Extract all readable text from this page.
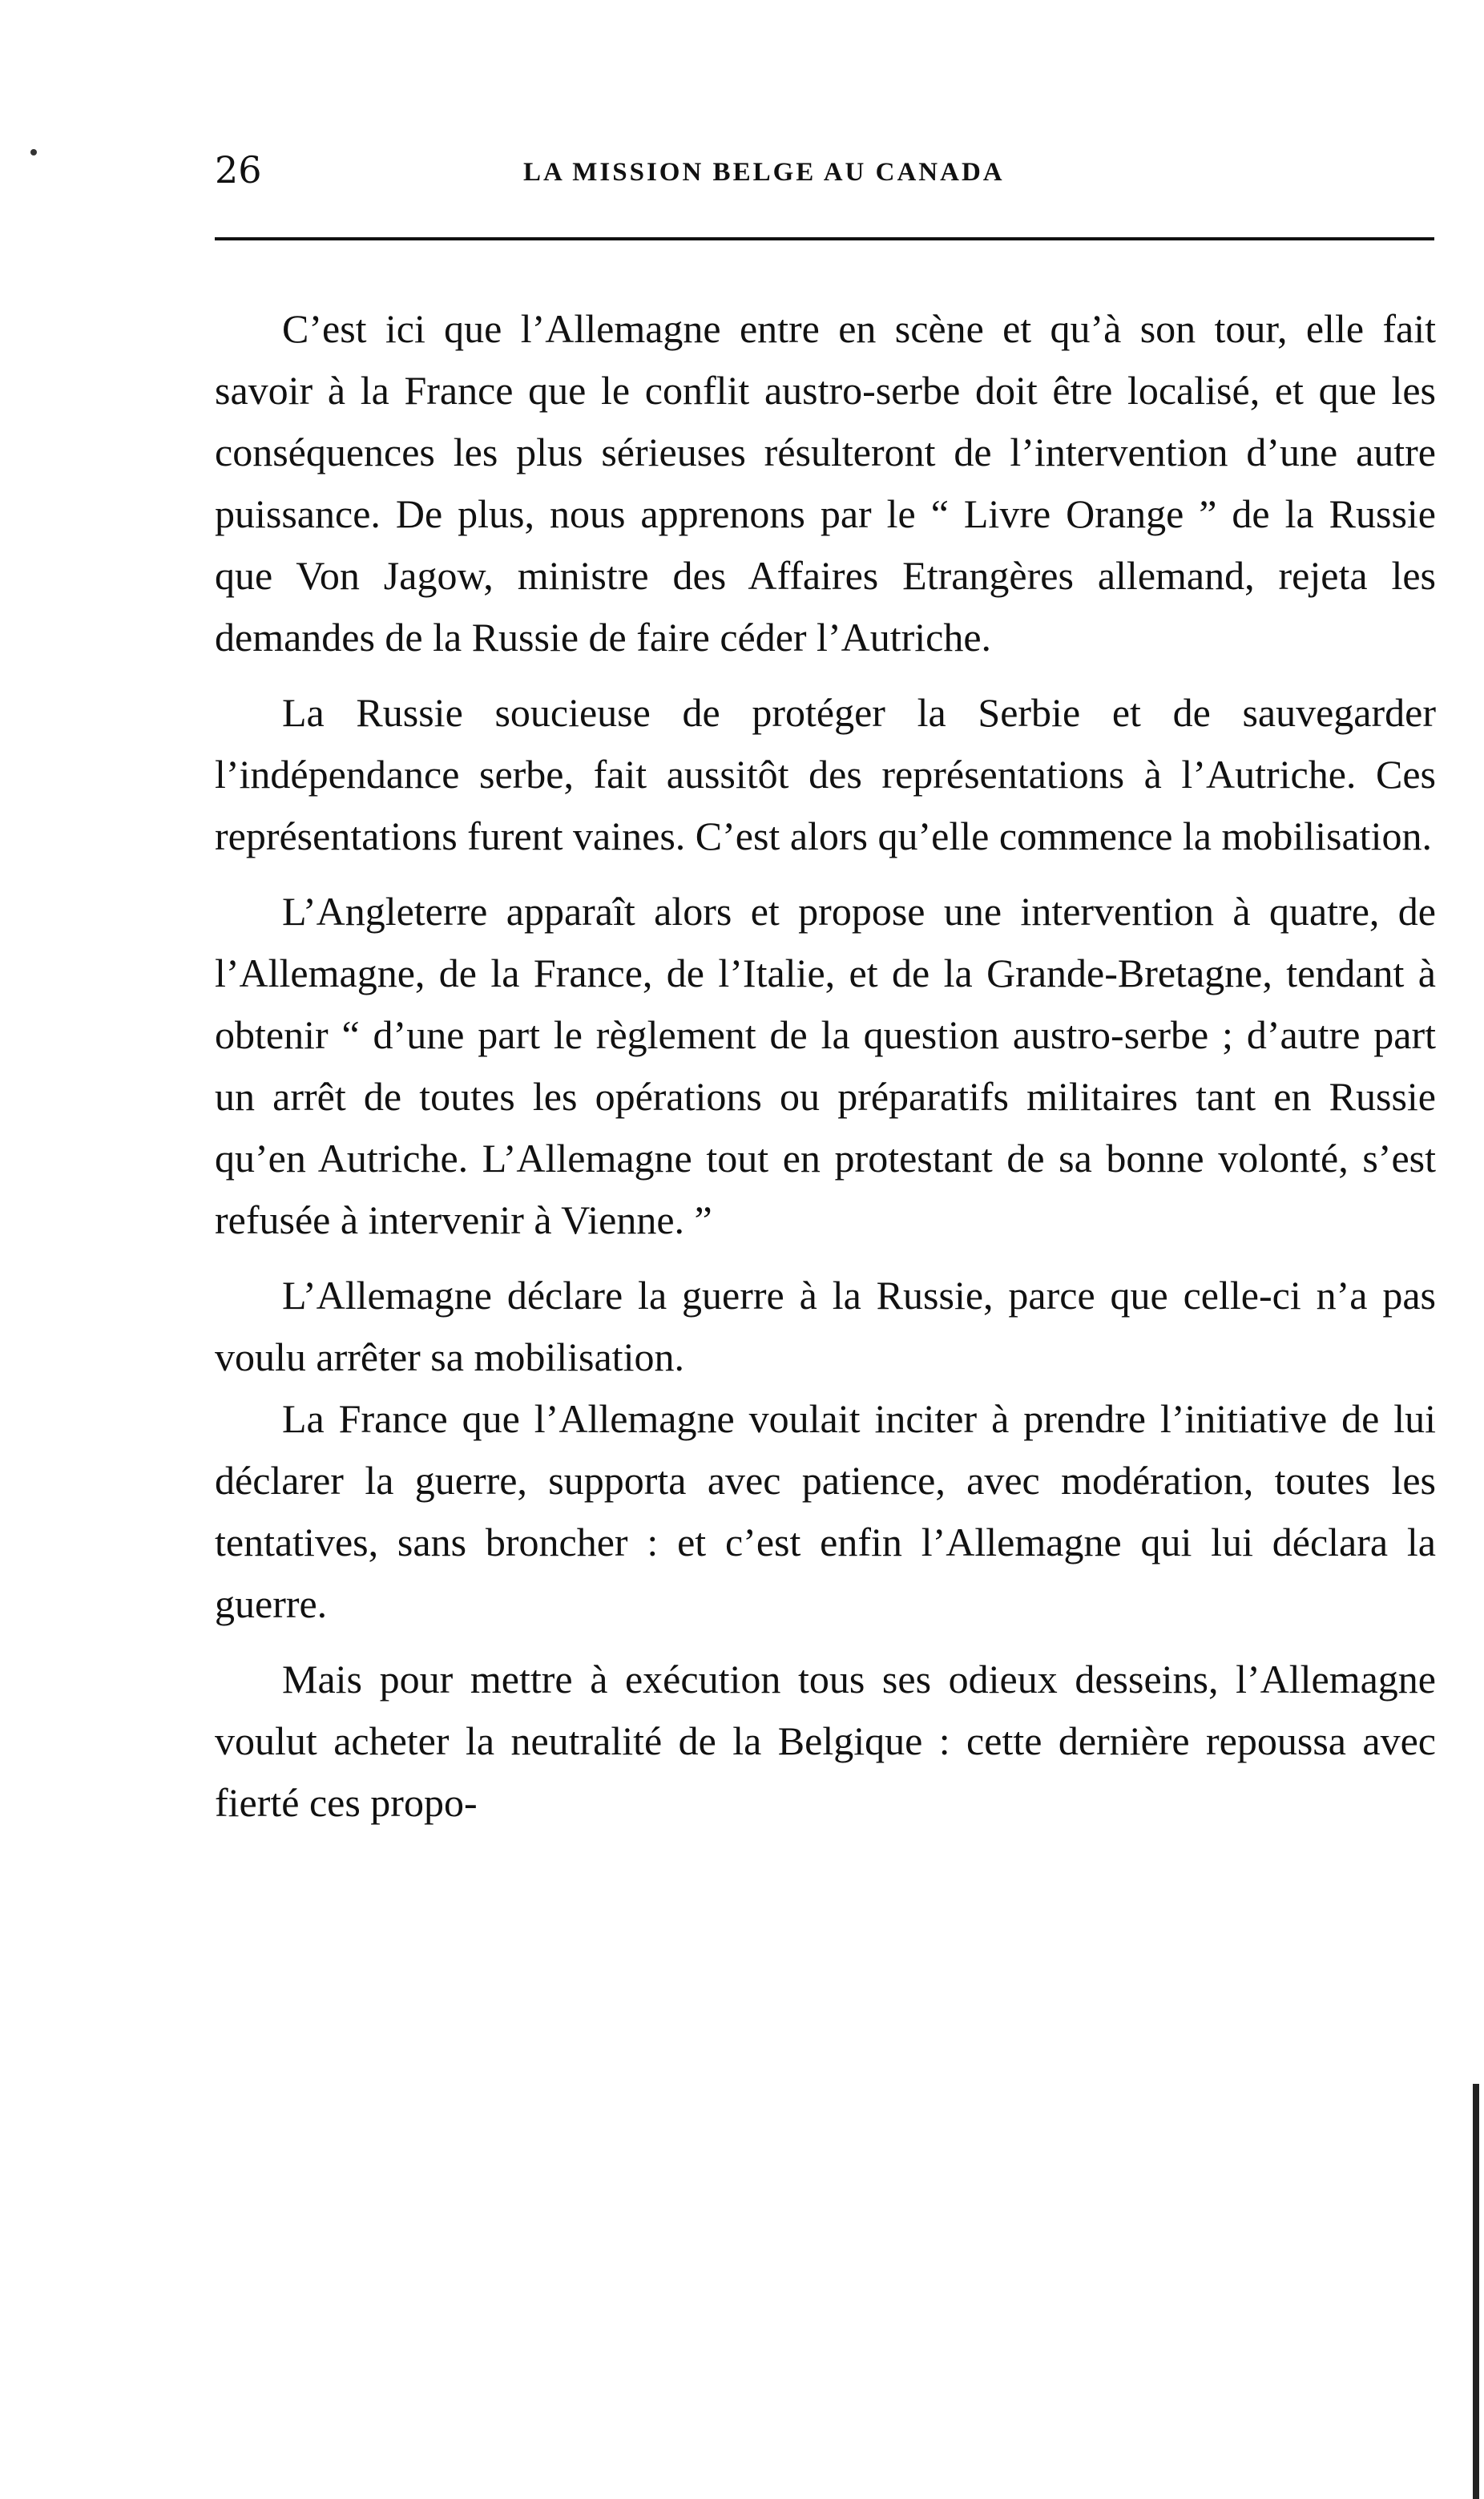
26	LA MISSION BELGE AU CANADA

C’est ici que l’Allemagne entre en scène et qu’à son tour, elle fait savoir à la France que le conflit austro-serbe doit être localisé, et que les conséquences les plus sérieuses résulteront de l’intervention d’une autre puissance. De plus, nous apprenons par le “ Livre Orange ” de la Russie que Von Jagow, ministre des Affaires Etrangères allemand, rejeta les demandes de la Russie de faire céder l’Autriche.

La Russie soucieuse de protéger la Serbie et de sauvegarder l’indépendance serbe, fait aussitôt des représentations à l’Autriche. Ces représentations furent vaines. C’est alors qu’elle commence la mobilisation.

L’Angleterre apparaît alors et propose une intervention à quatre, de l’Allemagne, de la France, de l’Italie, et de la Grande-Bretagne, tendant à obtenir “ d’une part le règlement de la question austro-serbe ; d’autre part un arrêt de toutes les opérations ou préparatifs militaires tant en Russie qu’en Autriche. L’Allemagne tout en protestant de sa bonne volonté, s’est refusée à intervenir à Vienne. ”

L’Allemagne déclare la guerre à la Russie, parce que celle-ci n’a pas voulu arrêter sa mobilisation.

La France que l’Allemagne voulait inciter à prendre l’initiative de lui déclarer la guerre, supporta avec patience, avec modération, toutes les tentatives, sans broncher : et c’est enfin l’Allemagne qui lui déclara la guerre.

Mais pour mettre à exécution tous ses odieux desseins, l’Allemagne voulut acheter la neutralité de la Belgique : cette dernière repoussa avec fierté ces propo-
